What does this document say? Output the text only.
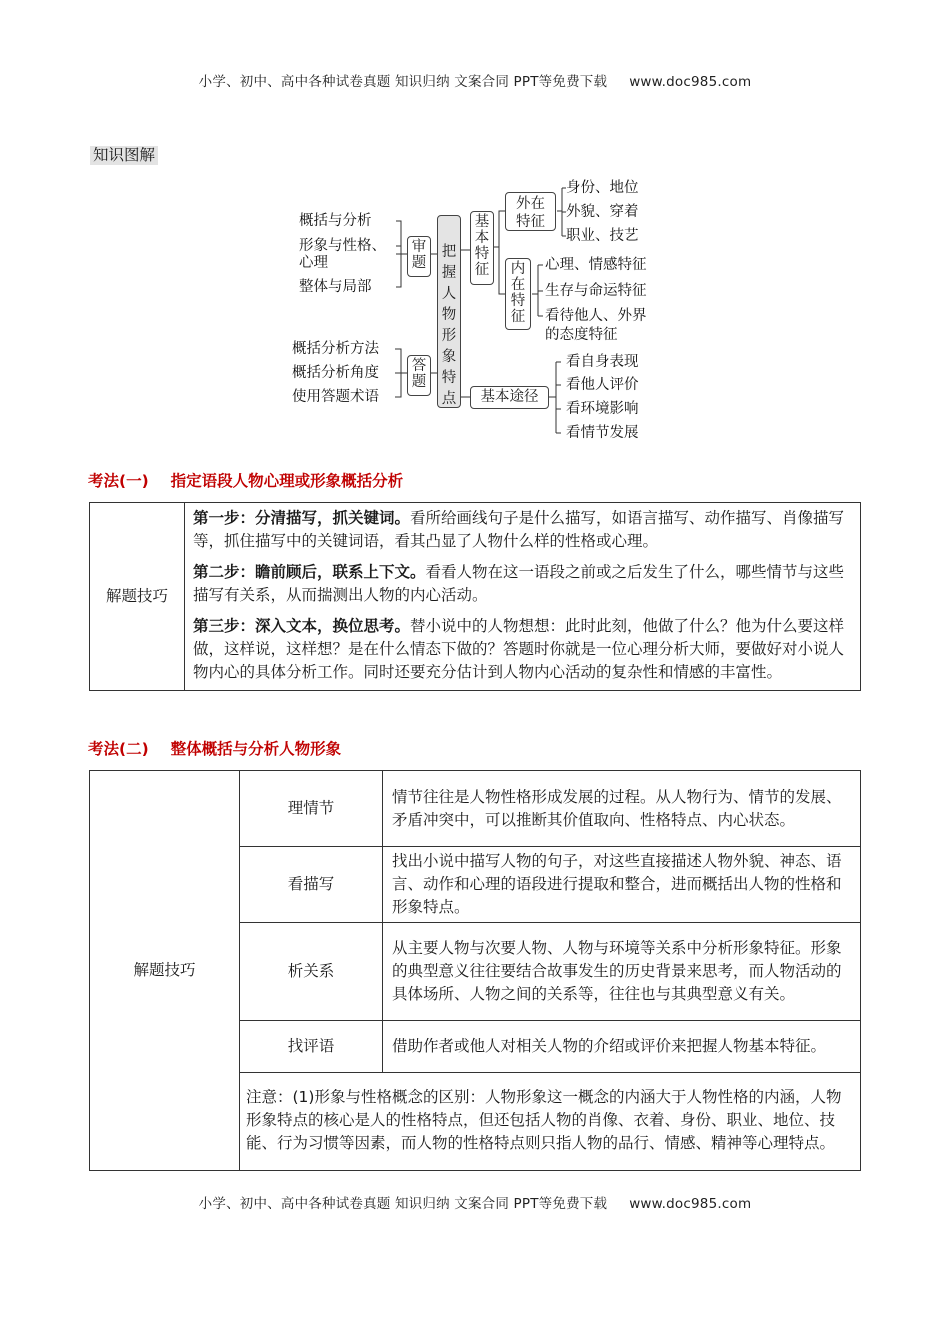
小学、初中、高中各种试卷真题 知识归纳 文案合同 PPT等免费下载 www.doc985.com
知识图解
概括与分析
形象与性格、
心理
整体与局部
审题
概括分析方法
概括分析角度
使用答题术语
答题
把握人物形象特点
基本特征
外在特征
身份、地位
外貌、穿着
职业、技艺
内在特征
心理、情感特征
生存与命运特征
看待他人、外界
的态度特征
基本途径
看自身表现
看他人评价
看环境影响
看情节发展
考法(一) 指定语段人物心理或形象概括分析
解题技巧

第一步：分清描写，抓关键词。看所给画线句子是什么描写，如语言描写、动作描写、肖像描写等，抓住描写中的关键词语，看其凸显了人物什么样的性格或心理。

第二步：瞻前顾后，联系上下文。看看人物在这一语段之前或之后发生了什么，哪些情节与这些描写有关系，从而揣测出人物的内心活动。

第三步：深入文本，换位思考。替小说中的人物想想：此时此刻，他做了什么？他为什么要这样做，这样说，这样想？是在什么情态下做的？答题时你就是一位心理分析大师，要做好对小说人物内心的具体分析工作。同时还要充分估计到人物内心活动的复杂性和情感的丰富性。

考法(二) 整体概括与分析人物形象
解题技巧	理情节	情节往往是人物性格形成发展的过程。从人物行为、情节的发展、矛盾冲突中，可以推断其价值取向、性格特点、内心状态。
	看描写	找出小说中描写人物的句子，对这些直接描述人物外貌、神态、语言、动作和心理的语段进行提取和整合，进而概括出人物的性格和形象特点。
	析关系	从主要人物与次要人物、人物与环境等关系中分析形象特征。形象的典型意义往往要结合故事发生的历史背景来思考，而人物活动的具体场所、人物之间的关系等，往往也与其典型意义有关。
	找评语	借助作者或他人对相关人物的介绍或评价来把握人物基本特征。
	注意：(1)形象与性格概念的区别：人物形象这一概念的内涵大于人物性格的内涵，人物形象特点的核心是人的性格特点，但还包括人物的肖像、衣着、身份、职业、地位、技能、行为习惯等因素，而人物的性格特点则只指人物的品行、情感、精神等心理特点。	
小学、初中、高中各种试卷真题 知识归纳 文案合同 PPT等免费下载 www.doc985.com
